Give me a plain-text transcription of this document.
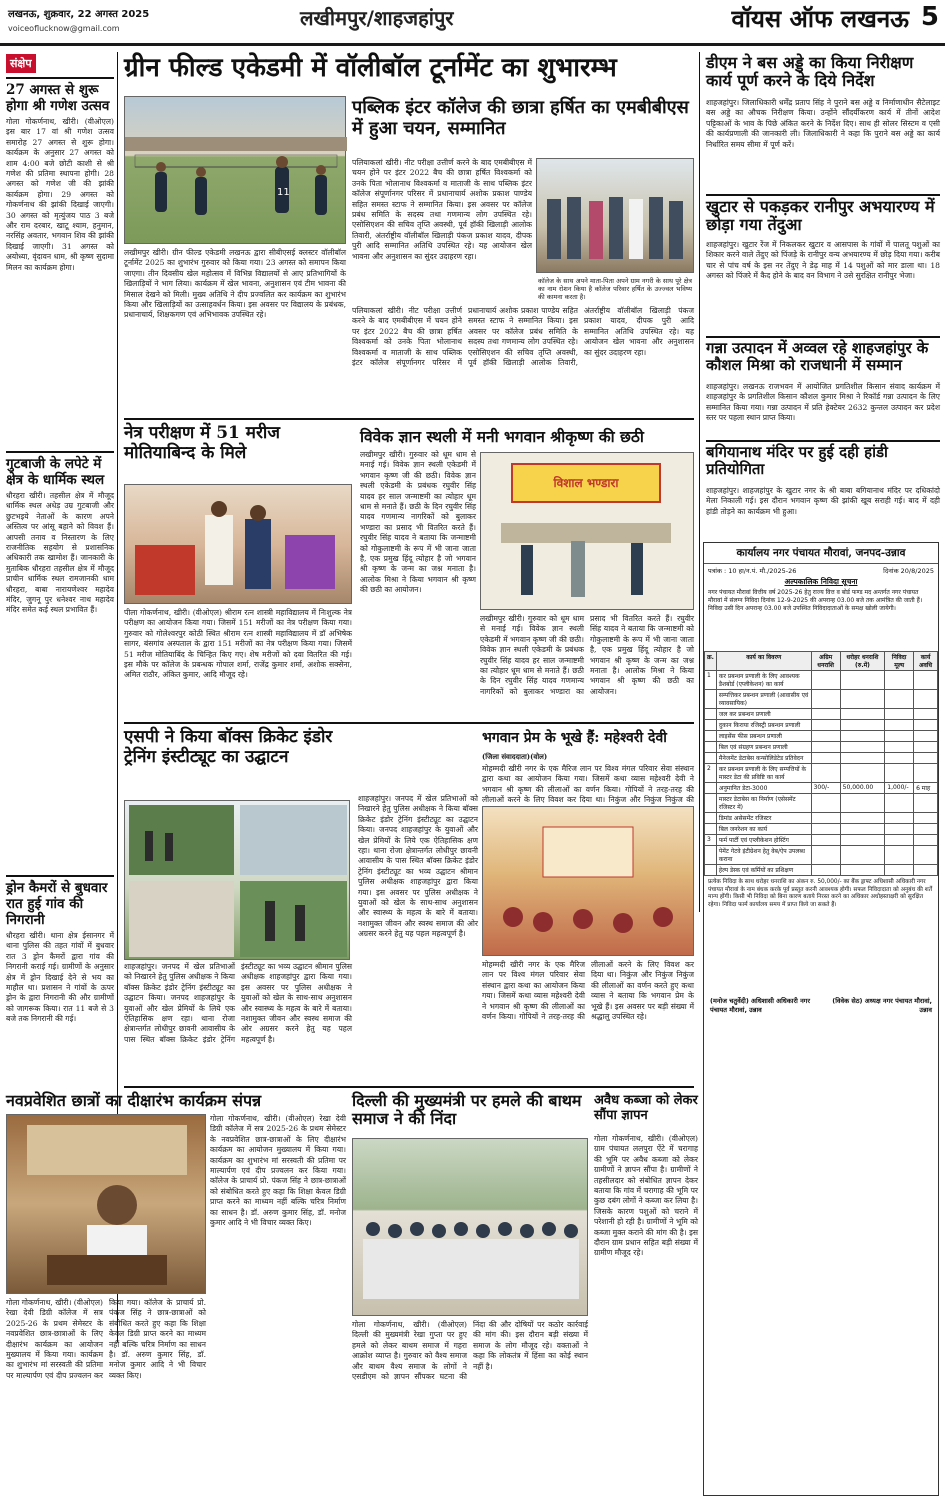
लखनऊ, शुक्रवार, 22 अगस्त 2025
voiceoflucknow@gmail.com	लखीमपुर/शाहजहांपुर	वॉयस ऑफ लखनऊ 5
संक्षेप
27 अगस्त से शुरू होगा श्री गणेश उत्सव
गोला गोकर्णनाथ, खीरी। (वीओएल) इस बार 17 वां श्री गणेश उत्सव समारोह 27 अगस्त से शुरू होगा। कार्यक्रम के अनुसार 27 अगस्त को शाम 4:00 बजे छोटी काशी से श्री गणेश की प्रतिमा स्थापना होगी। 28 अगस्त को गणेश जी की झांकी कार्यक्रम होगा। 29 अगस्त को गोकर्णनाथ की झांकी दिखाई जाएगी। 30 अगस्त को मृत्युंजय पाठ 3 बजे और राम दरबार, खाटू श्याम, हनुमान, नरसिंह अवतार, भगवान शिव की झांकी दिखाई जाएगी। 31 अगस्त को अयोध्या, वृंदावन धाम, श्री कृष्ण सुदामा मिलन का कार्यक्रम होगा।
गुटबाजी के लपेटे में क्षेत्र के धार्मिक स्थल
धौरहरा खीरी। तहसील क्षेत्र में मौजूद धार्मिक स्थल अधेड़ उम्र गुटबाजी और छुटभइये नेताओं के कारण अपने अस्तित्व पर आंसू बहाने को विवश हैं। आपसी तनाव व निस्तारण के लिए राजनीतिक सहयोग से प्रशासनिक अधिकारी तक खामोश हैं। जानकारी के मुताबिक धौरहरा तहसील क्षेत्र में मौजूद प्राचीन धार्मिक स्थल रामजानकी धाम धौरहरा, बाबा नारायणेश्वर महादेव मंदिर, जुगनू पुर धनेश्वर नाथ महादेव मंदिर समेत कई स्थल प्रभावित हैं।
ड्रोन कैमरों से बुधवार रात हुई गांव की निगरानी
धौरहरा खीरी। थाना क्षेत्र ईसानगर में थाना पुलिस की तहत गांवों में बुधवार रात 3 ड्रोन कैमरों द्वारा गांव की निगरानी कराई गई। ग्रामीणों के अनुसार क्षेत्र में ड्रोन दिखाई देने से भय का माहौल था। प्रशासन ने गांवों के ऊपर ड्रोन के द्वारा निगरानी की और ग्रामीणों को जागरूक किया। रात 11 बजे से 3 बजे तक निगरानी की गई।
ग्रीन फील्ड एकेडमी में वॉलीबॉल टूर्नामेंट का शुभारम्भ
11
लखीमपुर खीरी। ग्रीन फील्ड एकेडमी लखनऊ द्वारा सीबीएसई क्लस्टर वॉलीबॉल टूर्नामेंट 2025 का शुभारंभ गुरुवार को किया गया। 23 अगस्त को समापन किया जाएगा। तीन दिवसीय खेल महोत्सव में विभिन्न विद्यालयों से आए प्रतिभागियों के खिलाड़ियों ने भाग लिया। कार्यक्रम में खेल भावना, अनुशासन एवं टीम भावना की मिसाल देखने को मिली। मुख्य अतिथि ने दीप प्रज्वलित कर कार्यक्रम का शुभारंभ किया और खिलाड़ियों का उत्साहवर्धन किया। इस अवसर पर विद्यालय के प्रबंधक, प्रधानाचार्य, शिक्षकगण एवं अभिभावक उपस्थित रहे।
पब्लिक इंटर कॉलेज की छात्रा हर्षित का एमबीबीएस में हुआ चयन, सम्मानित
पलियाकलां खीरी। नीट परीक्षा उत्तीर्ण करने के बाद एमबीबीएस में चयन होने पर इंटर 2022 बैच की छात्रा हर्षित विश्वकर्मा को उनके पिता भोलानाथ विश्वकर्मा व माताजी के साथ पब्लिक इंटर कॉलेज संपूर्णानगर परिसर में प्रधानाचार्य अशोक प्रकाश पाण्डेय सहित समस्त स्टाफ ने सम्मानित किया। इस अवसर पर कॉलेज प्रबंध समिति के सदस्य तथा गणमान्य लोग उपस्थित रहे। एसोसिएशन की सचिव तृप्ति अवस्थी, पूर्व हॉकी खिलाड़ी आलोक तिवारी, अंतर्राष्ट्रीय वॉलीबॉल खिलाड़ी पंकज प्रकाश यादव, दीपक पुरी आदि सम्मानित अतिथि उपस्थित रहे। यह आयोजन खेल भावना और अनुशासन का सुंदर उदाहरण रहा।
कॉलेज के साथ अपने माता-पिता अपने ग्राम नगरी के साथ पूरे क्षेत्र का नाम रोशन किया है कॉलेज परिवार हर्षित के उज्ज्वल भविष्य की कामना करता है।
पलियाकलां खीरी। नीट परीक्षा उत्तीर्ण करने के बाद एमबीबीएस में चयन होने पर इंटर 2022 बैच की छात्रा हर्षित विश्वकर्मा को उनके पिता भोलानाथ विश्वकर्मा व माताजी के साथ पब्लिक इंटर कॉलेज संपूर्णानगर परिसर में प्रधानाचार्य अशोक प्रकाश पाण्डेय सहित समस्त स्टाफ ने सम्मानित किया। इस अवसर पर कॉलेज प्रबंध समिति के सदस्य तथा गणमान्य लोग उपस्थित रहे। एसोसिएशन की सचिव तृप्ति अवस्थी, पूर्व हॉकी खिलाड़ी आलोक तिवारी, अंतर्राष्ट्रीय वॉलीबॉल खिलाड़ी पंकज प्रकाश यादव, दीपक पुरी आदि सम्मानित अतिथि उपस्थित रहे। यह आयोजन खेल भावना और अनुशासन का सुंदर उदाहरण रहा।
नेत्र परीक्षण में 51 मरीज मोतियाबिन्द के मिले
पीला गोकर्णनाथ, खीरी। (वीओएल) श्रीराम रत्न शास्त्री महाविद्यालय में निःशुल्क नेत्र परीक्षण का आयोजन किया गया। जिसमें 151 मरीजों का नेत्र परीक्षण किया गया। गुरुवार को गोलेश्वरपुर कोठी स्थित श्रीराम रत्न शास्त्री महाविद्यालय में डॉ अभिषेक सागर, बंसगांव अस्पताल के द्वारा 151 मरीजों का नेत्र परीक्षण किया गया। जिसमें 51 मरीज मोतियाबिंद के चिन्हित किए गए। शेष मरीजों को दवा वितरित की गई। इस मौके पर कॉलेज के प्रबन्धक गोपाल शर्मा, राजेंद्र कुमार शर्मा, अशोक सक्सेना, अमित राठौर, अंकित कुमार, आदि मौजूद रहे।
विवेक ज्ञान स्थली में मनी भगवान श्रीकृष्ण की छठी
लखीमपुर खीरी। गुरुवार को धूम धाम से मनाई गई। विवेक ज्ञान स्थली एकेडमी में भगवान कृष्ण जी की छठी। विवेक ज्ञान स्थली एकेडमी के प्रबंधक रघुवीर सिंह यादव हर साल जन्माष्टमी का त्योहार धूम धाम से मनाते हैं। छठी के दिन रघुवीर सिंह यादव गणमान्य नागरिकों को बुलाकर भण्डारा का प्रसाद भी वितरित करते हैं। रघुवीर सिंह यादव ने बताया कि जन्माष्टमी को गोकुलाष्टमी के रूप में भी जाना जाता है, एक प्रमुख हिंदू त्योहार है जो भगवान श्री कृष्ण के जन्म का जश्न मनाता है। आलोक मिश्रा ने किया भगवान श्री कृष्ण की छठी का आयोजन।
विशाल भण्डारा
लखीमपुर खीरी। गुरुवार को धूम धाम से मनाई गई। विवेक ज्ञान स्थली एकेडमी में भगवान कृष्ण जी की छठी। विवेक ज्ञान स्थली एकेडमी के प्रबंधक रघुवीर सिंह यादव हर साल जन्माष्टमी का त्योहार धूम धाम से मनाते हैं। छठी के दिन रघुवीर सिंह यादव गणमान्य नागरिकों को बुलाकर भण्डारा का प्रसाद भी वितरित करते हैं। रघुवीर सिंह यादव ने बताया कि जन्माष्टमी को गोकुलाष्टमी के रूप में भी जाना जाता है, एक प्रमुख हिंदू त्योहार है जो भगवान श्री कृष्ण के जन्म का जश्न मनाता है। आलोक मिश्रा ने किया भगवान श्री कृष्ण की छठी का आयोजन।
एसपी ने किया बॉक्स क्रिकेट इंडोर ट्रेनिंग इंस्टीट्यूट का उद्घाटन
शाहजहांपुर। जनपद में खेल प्रतिभाओं को निखारने हेतु पुलिस अधीक्षक ने किया बॉक्स क्रिकेट इंडोर ट्रेनिंग इंस्टीट्यूट का उद्घाटन किया। जनपद शाहजहांपुर के युवाओं और खेल प्रेमियों के लिये एक ऐतिहासिक क्षण रहा। थाना रोजा क्षेत्रान्तर्गत लोधीपुर छावनी आवासीय के पास स्थित बॉक्स क्रिकेट इंडोर ट्रेनिंग इंस्टीट्यूट का भव्य उद्घाटन श्रीमान पुलिस अधीक्षक शाहजहांपुर द्वारा किया गया। इस अवसर पर पुलिस अधीक्षक ने युवाओं को खेल के साथ-साथ अनुशासन और स्वास्थ्य के महत्व के बारे में बताया। नशामुक्त जीवन और स्वस्थ समाज की ओर अग्रसर करने हेतु यह पहल महत्वपूर्ण है।
शाहजहांपुर। जनपद में खेल प्रतिभाओं को निखारने हेतु पुलिस अधीक्षक ने किया बॉक्स क्रिकेट इंडोर ट्रेनिंग इंस्टीट्यूट का उद्घाटन किया। जनपद शाहजहांपुर के युवाओं और खेल प्रेमियों के लिये एक ऐतिहासिक क्षण रहा। थाना रोजा क्षेत्रान्तर्गत लोधीपुर छावनी आवासीय के पास स्थित बॉक्स क्रिकेट इंडोर ट्रेनिंग इंस्टीट्यूट का भव्य उद्घाटन श्रीमान पुलिस अधीक्षक शाहजहांपुर द्वारा किया गया। इस अवसर पर पुलिस अधीक्षक ने युवाओं को खेल के साथ-साथ अनुशासन और स्वास्थ्य के महत्व के बारे में बताया। नशामुक्त जीवन और स्वस्थ समाज की ओर अग्रसर करने हेतु यह पहल महत्वपूर्ण है।
भगवान प्रेम के भूखे हैं: महेश्वरी देवी
(जिला संवाददाता)(वोल)
मोहम्मदी खीरी नगर के एक मैरिज लान पर विश्व मंगल परिवार सेवा संस्थान द्वारा कथा का आयोजन किया गया। जिसमें कथा व्यास महेश्वरी देवी ने भगवान श्री कृष्ण की लीलाओं का वर्णन किया। गोपियों ने तरह-तरह की लीलाओं करने के लिए विवश कर दिया था। निकुंज और निकुंज निकुंज की
मोहम्मदी खीरी नगर के एक मैरिज लान पर विश्व मंगल परिवार सेवा संस्थान द्वारा कथा का आयोजन किया गया। जिसमें कथा व्यास महेश्वरी देवी ने भगवान श्री कृष्ण की लीलाओं का वर्णन किया। गोपियों ने तरह-तरह की लीलाओं करने के लिए विवश कर दिया था। निकुंज और निकुंज निकुंज की लीलाओं का वर्णन करते हुए कथा व्यास ने बताया कि भगवान प्रेम के भूखे हैं। इस अवसर पर बड़ी संख्या में श्रद्धालु उपस्थित रहे।
नवप्रवेशित छात्रों का दीक्षारंभ कार्यक्रम संपन्न
गोला गोकर्णनाथ, खीरी। (वीओएल) रेखा देवी डिग्री कॉलेज में सत्र 2025-26 के प्रथम सेमेस्टर के नवप्रवेशित छात्र-छात्राओं के लिए दीक्षारंभ कार्यक्रम का आयोजन मुख्यालय में किया गया। कार्यक्रम का शुभारंभ मां सरस्वती की प्रतिमा पर माल्यार्पण एवं दीप प्रज्वलन कर किया गया। कॉलेज के प्राचार्य प्रो. पंकज सिंह ने छात्र-छात्राओं को संबोधित करते हुए कहा कि शिक्षा केवल डिग्री प्राप्त करने का माध्यम नहीं बल्कि चरित्र निर्माण का साधन है। डॉ. अरुण कुमार सिंह, डॉ. मनोज कुमार आदि ने भी विचार व्यक्त किए।
गोला गोकर्णनाथ, खीरी। (वीओएल) रेखा देवी डिग्री कॉलेज में सत्र 2025-26 के प्रथम सेमेस्टर के नवप्रवेशित छात्र-छात्राओं के लिए दीक्षारंभ कार्यक्रम का आयोजन मुख्यालय में किया गया। कार्यक्रम का शुभारंभ मां सरस्वती की प्रतिमा पर माल्यार्पण एवं दीप प्रज्वलन कर किया गया। कॉलेज के प्राचार्य प्रो. पंकज सिंह ने छात्र-छात्राओं को संबोधित करते हुए कहा कि शिक्षा केवल डिग्री प्राप्त करने का माध्यम नहीं बल्कि चरित्र निर्माण का साधन है। डॉ. अरुण कुमार सिंह, डॉ. मनोज कुमार आदि ने भी विचार व्यक्त किए।
दिल्ली की मुख्यमंत्री पर हमले की बाथम समाज ने की निंदा
गोला गोकर्णनाथ, खीरी। (वीओएल) दिल्ली की मुख्यमंत्री रेखा गुप्ता पर हुए हमले को लेकर बाथम समाज में गहरा आक्रोश व्याप्त है। गुरुवार को वैश्य समाज और बाथम वैश्य समाज के लोगों ने एसडीएम को ज्ञापन सौंपकर घटना की निंदा की और दोषियों पर कठोर कार्रवाई की मांग की। इस दौरान बड़ी संख्या में समाज के लोग मौजूद रहे। वक्ताओं ने कहा कि लोकतंत्र में हिंसा का कोई स्थान नहीं है।
अवैध कब्जा को लेकर सौंपा ज्ञापन
गोला गोकर्णनाथ, खीरी। (वीओएल) ग्राम पंचायत ललपुरा ऐंटे में चरागाह की भूमि पर अवैध कब्जा को लेकर ग्रामीणों ने ज्ञापन सौंपा है। ग्रामीणों ने तहसीलदार को संबोधित ज्ञापन देकर बताया कि गांव में चरागाह की भूमि पर कुछ दबंग लोगों ने कब्जा कर लिया है। जिसके कारण पशुओं को चराने में परेशानी हो रही है। ग्रामीणों ने भूमि को कब्जा मुक्त कराने की मांग की है। इस दौरान ग्राम प्रधान सहित बड़ी संख्या में ग्रामीण मौजूद रहे।
डीएम ने बस अड्डे का किया निरीक्षण कार्य पूर्ण करने के दिये निर्देश
शाहजहांपुर। जिलाधिकारी धर्मेंद्र प्रताप सिंह ने पुराने बस अड्डे व निर्माणाधीन सैटेलाइट बस अड्डे का औचक निरीक्षण किया। उन्होंने सौंदर्यीकरण कार्य में तीनों आदेश पट्टिकाओं के भाव के पिछे अंकित करने के निर्देश दिए। साथ ही सोलर सिस्टम व एसी की कार्यप्रणाली की जानकारी ली। जिलाधिकारी ने कहा कि पुराने बस अड्डे का कार्य निर्धारित समय सीमा में पूर्ण करें।
खुटार से पकड़कर रानीपुर अभयारण्य में छोड़ा गया तेंदुआ
शाहजहांपुर। खुटार रेंज में निकलकर खुटार व आसपास के गांवों में पालतू पशुओं का शिकार करने वाले तेंदुए को पिंजड़े के रानीपुर वन्य अभयारण्य में छोड़ दिया गया। करीब चार से पांच वर्ष के इस नर तेंदुए ने डेढ़ माह में 14 पशुओं को मार डाला था। 18 अगस्त को पिंजरे में कैद होने के बाद वन विभाग ने उसे सुरक्षित रानीपुर भेजा।
गन्ना उत्पादन में अव्वल रहे शाहजहांपुर के कौशल मिश्रा को राजधानी में सम्मान
शाहजहांपुर। लखनऊ राजभवन में आयोजित प्रगतिशील किसान संवाद कार्यक्रम में शाहजहांपुर के प्रगतिशील किसान कौशल कुमार मिश्रा ने रिकॉर्ड गन्ना उत्पादन के लिए सम्मानित किया गया। गन्ना उत्पादन में प्रति हेक्टेयर 2632 कुन्तल उत्पादन कर प्रदेश स्तर पर पहला स्थान प्राप्त किया।
बगियानाथ मंदिर पर हुई दही हांडी प्रतियोगिता
शाहजहांपुर। शाहजहांपुर के खुटार नगर के श्री बाबा बगियानाथ मंदिर पर दधिकांदो मेला निकाली गई। इस दौरान भगवान कृष्ण की झांकी खूब सराही गई। बाद में दही हांडी तोड़ने का कार्यक्रम भी हुआ।
कार्यालय नगर पंचायत मौरावां, जनपद-उन्नाव
पत्रांक : 10 हा/न.पं. मौ./2025-26	दिनांक 20/8/2025
अल्पकालिक निविदा सूचना
नगर पंचायत मौरावां वित्तीय वर्ष 2025-26 हेतु राज्य वित्त व बोर्ड फण्ड मद अन्तर्गत नगर पंचायत मौरावां में संलग्न निविदा दिनांक 12-9-2025 की अपरान्ह 03.00 बजे तक आमंत्रित की जाती हैं। निविदा उसी दिन अपरान्ह 03.00 बजे उपस्थित निविदादाताओं के समक्ष खोली जायेगी।
क्र.	कार्य का विवरण	अग्रिम धनराशि	धरोहर धनराशि (रु.में)	निविदा मूल्य	कार्य अवधि
1	कर प्रबन्धन प्रणाली के लिए आवश्यक डैशबोर्ड (एप्लीकेशन) का कार्य				
	सम्पत्तिकर प्रबन्धन प्रणाली (आवासीय एवं व्यावसायिक)				
	जल कर प्रबन्धन प्रणाली				
	दुकान किराया रजिस्ट्री प्रबन्धन प्रणाली				
	लाइसेंस फीस प्रबन्धन प्रणाली				
	बिल एवं संग्रहण प्रबन्धन प्रणाली				
	मैनेजमेंट डेटाबेस कन्सोलिडेटेड प्रतिवेदन				
2	कर प्रबन्धन प्रणाली के लिए सम्पत्तियों के मास्टर डेटा की प्रविष्टि का कार्य				
	अनुमानित डेटा-3000	300/-	50,000.00	1,000/-	6 माह
	मास्टर डेटाबेस का निर्माण (एसेसमेंट रजिस्टर में)				
	डिमांड असेसमेंट रजिस्टर				
	बिल जनरेशन का कार्य				
3	फर्म पार्टी एवं एप्लीकेशन होस्टिंग				
	पेमेंट गेटवे इंटीग्रेशन हेतु वेब/ऐप उपलब्ध कराना				
	हेल्प डेस्क एवं कर्मियों का प्रशिक्षण				
प्रत्येक निविदा के साथ धरोहर धनराशि का अंकन रु. 50,000/- का बैंक ड्राफ्ट अधिशासी अधिकारी नगर पंचायत मौरावां के नाम बंधक करके पूर्व प्रस्तुत करनी आवश्यक होगी। सफल निविदादाता को अनुबंध की शर्तें मान्य होंगी। किसी भी निविदा को बिना कारण बताये निरस्त करने का अधिकार अधोहस्ताक्षरी को सुरक्षित रहेगा। निविदा फार्म कार्यालय समय में प्राप्त किये जा सकते हैं।
(मनोज चतुर्वेदी) अधिशासी अधिकारी नगर पंचायत मौरावां, उन्नाव
(विवेक सेठ) अध्यक्ष नगर पंचायत मौरावां, उन्नाव
